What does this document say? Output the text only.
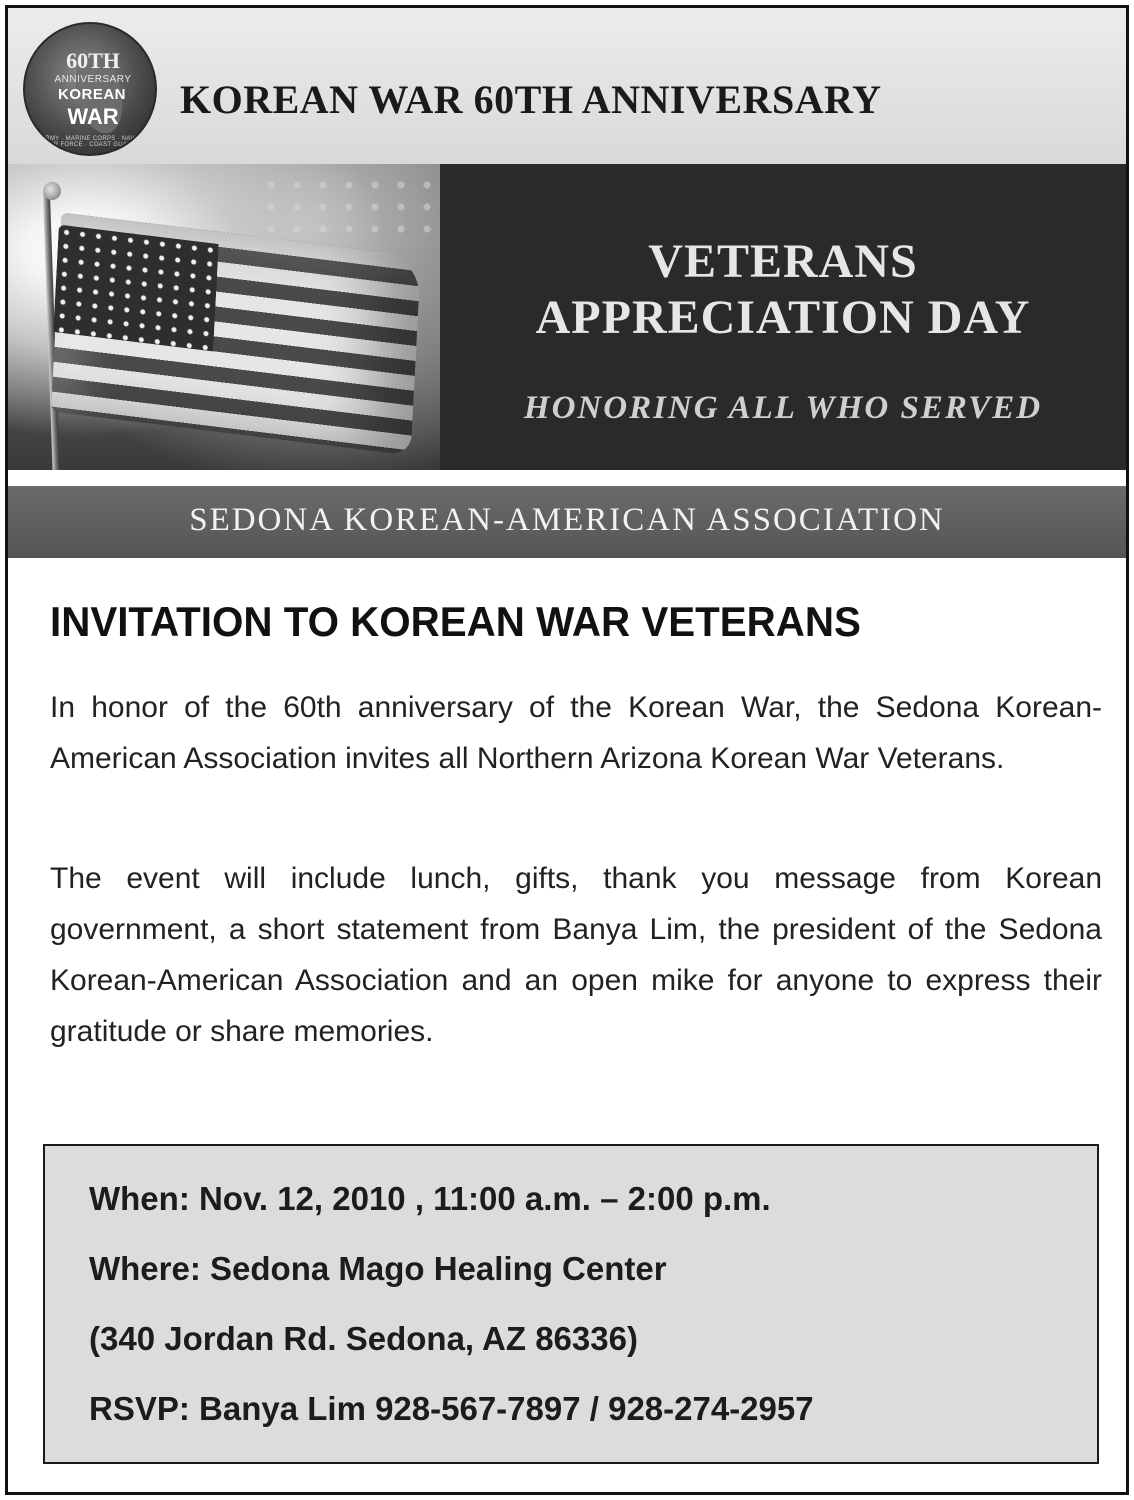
60TH
ANNIVERSARY
KOREAN
WAR
ARMY · MARINE CORPS · NAVY · AIR FORCE · COAST GUARD
KOREAN WAR 60TH ANNIVERSARY
VETERANS
APPRECIATION DAY
HONORING ALL WHO SERVED
SEDONA KOREAN-AMERICAN ASSOCIATION
INVITATION TO KOREAN WAR VETERANS
In honor of the 60th anniversary of the Korean War, the Sedona Korean-American Association invites all Northern Arizona Korean War Veterans.
The event will include lunch, gifts, thank you message from Korean government, a short statement from Banya Lim, the president of the Sedona Korean-American Association and an open mike for anyone to express their gratitude or share memories.
When: Nov. 12, 2010 , 11:00 a.m. – 2:00 p.m.
Where: Sedona Mago Healing Center
(340 Jordan Rd. Sedona, AZ 86336)
RSVP: Banya Lim 928-567-7897 / 928-274-2957
